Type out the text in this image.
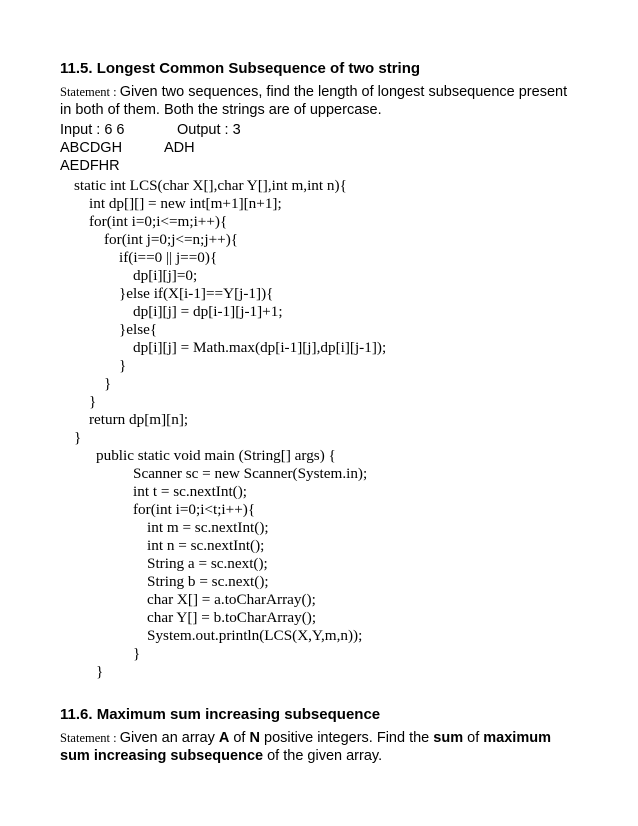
11.5. Longest Common Subsequence of two string
Statement : Given two sequences, find the length of longest subsequence present in both of them. Both the strings are of uppercase.
Input : 6 6	Output : 3
ABCDGH	ADH
AEDFHR
static int LCS(char X[],char Y[],int m,int n){
int dp[][] = new int[m+1][n+1];
for(int i=0;i<=m;i++){
for(int j=0;j<=n;j++){
if(i==0 || j==0){
dp[i][j]=0;
}else if(X[i-1]==Y[j-1]){
dp[i][j] = dp[i-1][j-1]+1;
}else{
dp[i][j] = Math.max(dp[i-1][j],dp[i][j-1]);
}
}
}
return dp[m][n];
}
public static void main (String[] args) {
Scanner sc = new Scanner(System.in);
int t = sc.nextInt();
for(int i=0;i<t;i++){
int m = sc.nextInt();
int n = sc.nextInt();
String a = sc.next();
String b = sc.next();
char X[] = a.toCharArray();
char Y[] = b.toCharArray();
System.out.println(LCS(X,Y,m,n));
}
}
11.6. Maximum sum increasing subsequence
Statement : Given an array A of N positive integers. Find the sum of maximum sum increasing subsequence of the given array.
